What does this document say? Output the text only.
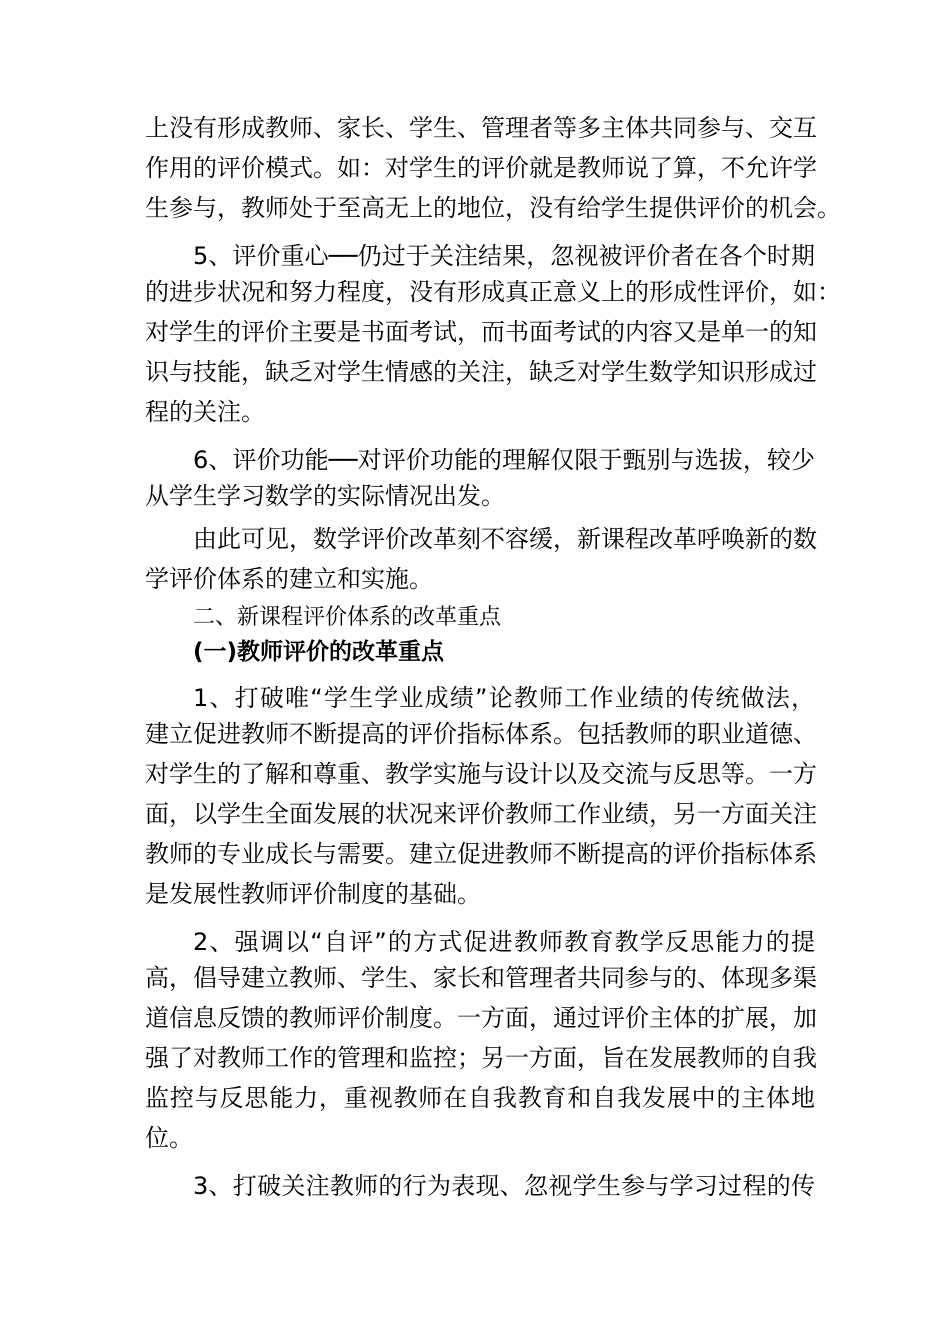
上没有形成教师、家长、学生、管理者等多主体共同参与、交互
作用的评价模式。如：对学生的评价就是教师说了算，不允许学
生参与，教师处于至高无上的地位，没有给学生提供评价的机会。
5、评价重心──仍过于关注结果，忽视被评价者在各个时期
的进步状况和努力程度，没有形成真正意义上的形成性评价，如：
对学生的评价主要是书面考试，而书面考试的内容又是单一的知
识与技能，缺乏对学生情感的关注，缺乏对学生数学知识形成过
程的关注。
6、评价功能──对评价功能的理解仅限于甄别与选拔，较少
从学生学习数学的实际情况出发。
由此可见，数学评价改革刻不容缓，新课程改革呼唤新的数
学评价体系的建立和实施。
二、新课程评价体系的改革重点
(一)教师评价的改革重点
1、打破唯“学生学业成绩”论教师工作业绩的传统做法，
建立促进教师不断提高的评价指标体系。包括教师的职业道德、
对学生的了解和尊重、教学实施与设计以及交流与反思等。一方
面，以学生全面发展的状况来评价教师工作业绩，另一方面关注
教师的专业成长与需要。建立促进教师不断提高的评价指标体系
是发展性教师评价制度的基础。
2、强调以“自评”的方式促进教师教育教学反思能力的提
高，倡导建立教师、学生、家长和管理者共同参与的、体现多渠
道信息反馈的教师评价制度。一方面，通过评价主体的扩展，加
强了对教师工作的管理和监控；另一方面，旨在发展教师的自我
监控与反思能力，重视教师在自我教育和自我发展中的主体地
位。
3、打破关注教师的行为表现、忽视学生参与学习过程的传
